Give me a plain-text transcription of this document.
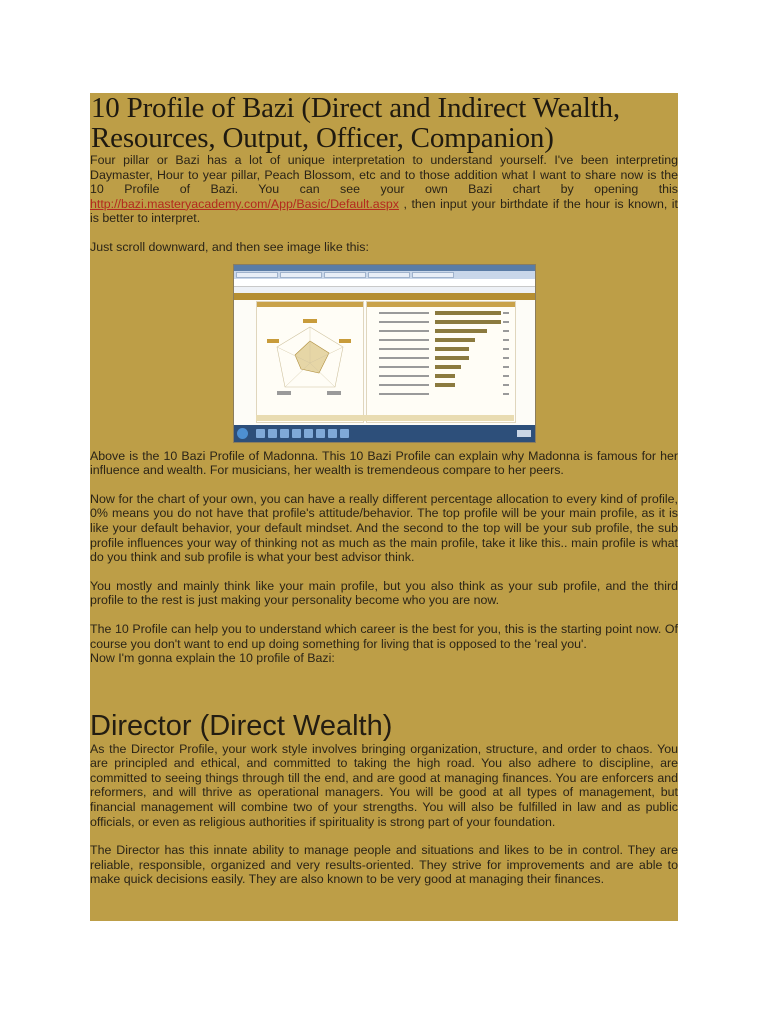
10 Profile of Bazi (Direct and Indirect Wealth, Resources, Output, Officer, Companion)

Four pillar or Bazi has a lot of unique interpretation to understand yourself. I've been interpreting Daymaster, Hour to year pillar, Peach Blossom, etc and to those addition what I want to share now is the 10 Profile of Bazi. You can see your own Bazi chart by opening this http://bazi.masteryacademy.com/App/Basic/Default.aspx , then input your birthdate if the hour is known, it is better to interpret.

Just scroll downward, and then see image like this:

Above is the 10 Bazi Profile of Madonna. This 10 Bazi Profile can explain why Madonna is famous for her influence and wealth. For musicians, her wealth is tremendeous compare to her peers.

Now for the chart of your own, you can have a really different percentage allocation to every kind of profile, 0% means you do not have that profile's attitude/behavior. The top profile will be your main profile, as it is like your default behavior, your default mindset. And the second to the top will be your sub profile, the sub profile influences your way of thinking not as much as the main profile, take it like this.. main profile is what do you think and sub profile is what your best advisor think.

You mostly and mainly think like your main profile, but you also think as your sub profile, and the third profile to the rest is just making your personality become who you are now.

The 10 Profile can help you to understand which career is the best for you, this is the starting point now. Of course you don't want to end up doing something for living that is opposed to the 'real you'.

Now I'm gonna explain the 10 profile of Bazi:

Director (Direct Wealth)

As the Director Profile, your work style involves bringing organization, structure, and order to chaos. You are principled and ethical, and committed to taking the high road. You also adhere to discipline, are committed to seeing things through till the end, and are good at managing finances. You are enforcers and reformers, and will thrive as operational managers. You will be good at all types of management, but financial management will combine two of your strengths. You will also be fulfilled in law and as public officials, or even as religious authorities if spirituality is strong part of your foundation.

The Director has this innate ability to manage people and situations and likes to be in control. They are reliable, responsible, organized and very results-oriented. They strive for improvements and are able to make quick decisions easily. They are also known to be very good at managing their finances.
